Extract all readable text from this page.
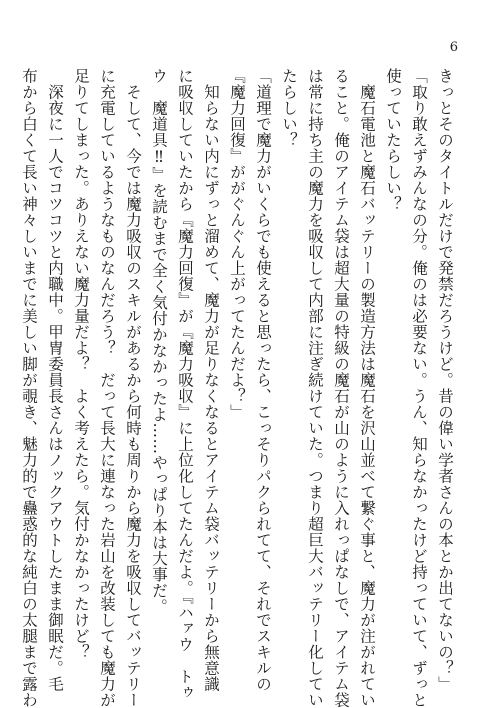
6
きっとそのタイトルだけで発禁だろうけど。昔の偉い学者さんの本とか出てないの？」
「取り敢えずみんなの分。俺のは必要ない。うん、知らなかったけど持っていて、ずっと
使っていたらしい？
魔石電池と魔石バッテリーの製造方法は魔石を沢山並べて繋ぐ事と、魔力が注がれてい
ること。俺のアイテム袋は超大量の特級の魔石が山のように入れっぱなしで、アイテム袋
は常に持ち主の魔力を吸収して内部に注ぎ続けていた。つまり超巨大バッテリー化してい
たらしい？
「道理で魔力がいくらでも使えると思ったら、こっそりパクられてて、それでスキルの
『魔力回復』ががぐんぐん上がってたんだよ？」
知らない内にずっと溜めて、魔力が足りなくなるとアイテム袋バッテリーから無意識
に吸収していたから『魔力回復』が『魔力吸収』に上位化してたんだよ。『ハァウ　トゥ
ウ　魔道具‼』を読むまで全く気付かなかったよ……やっぱり本は大事だ。
そして、今では魔力吸収のスキルがあるから何時も周りから魔力を吸収してバッテリー
に充電しているようなものなんだろう？　だって長大に連なった岩山を改装しても魔力が
足りてしまった。ありえない魔力量だよ？　よく考えたら。気付かなかったけど？
深夜に一人でコツコツと内職中。甲冑委員長さんはノックアウトしたまま御眠だ。毛
布から白くて長い神々しいまでに美しい脚が覗き、魅力的で蠱惑的な純白の太腿まで露わ
